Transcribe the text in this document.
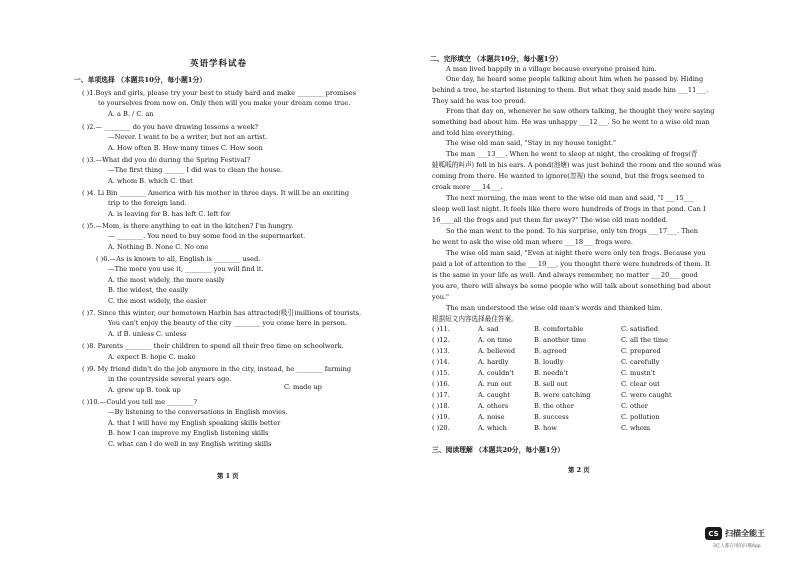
英语学科试卷
一、单项选择 （本题共10分，每小题1分）
( )1.Boys and girls, please try your best to study hard and make ________ promises
to yourselves from now on. Only then will you make your dream come true.
A. a B. / C. an
( )2.— ________ do you have drawing lessons a week?
—Never. I want to be a writer, but not an artist.
A. How often B. How many times C. How soon
( )3.—What did you do during the Spring Festival?
—The first thing ______ I did was to clean the house.
A. whom B. which C. that
( )4. Li Bin ________ America with his mother in three days. It will be an exciting
trip to the foreign land.
A. is leaving for B. has left C. left for
( )5.—Mom, is there anything to eat in the kitchen? I'm hungry.
— ________. You need to buy some food in the supermarket.
A. Nothing B. None C. No one
( )6.—As is known to all, English is ________ used.
—The more you use it, ________ you will find it.
A. the most widely, the more easily
B. the widest, the easily
C. the most widely, the easier
( )7. Since this winter, our hometown Harbin has attracted(吸引)millions of tourists.
You can't enjoy the beauty of the city ________ you come here in person.
A. if B. unless C. unless
( )8. Parents ________ their children to spend all their free time on schoolwork.
A. expect B. hope C. make
( )9. My friend didn't do the job anymore in the city, instead, he ________ farming
in the countryside several years ago.
A. grew up B. took up	C. made up
( )10.—Could you tell me ________?
—By listening to the conversations in English movies.
A. that I will have my English speaking skills better
B. how I can improve my English listening skills
C. what can I do well in my English writing skills
第 1 页
二、完形填空 （本题共10分，每小题1分）
A man lived happily in a village because everyone praised him.
One day, he heard some people talking about him when he passed by. Hiding
behind a tree, he started listening to them. But what they said made him ___11___.
They said he was too proud.
From that day on, whenever he saw others talking, he thought they were saying
something bad about him. He was unhappy ___12___. So he went to a wise old man
and told him everything.
The wise old man said, "Stay in my house tonight."
The man ___13___. When he went to sleep at night, the croaking of frogs(青
蛙呱呱的叫声) fell in his ears. A pond(池塘) was just behind the room and the sound was
coming from there. He wanted to ignore(忽视) the sound, but the frogs seemed to
croak more ___14___.
The next morning, the man went to the wise old man and said, "I ___15___
sleep well last night. It feels like there were hundreds of frogs in that pond. Can I
16____all the frogs and put them far away?" The wise old man nodded.
So the man went to the pond. To his surprise, only ten frogs ___17___. Then
he went to ask the wise old man where ___18___ frogs were.
The wise old man said, "Even at night there were only ten frogs. Because you
paid a lot of attention to the ___19___, you thought there were hundreds of them. It
is the same in your life as well. And always remember, no matter ___20___ good
you are, there will always be some people who will talk about something bad about
you."
The man understood the wise old man's words and thanked him.
根据短文内容选择最佳答案。
( )11.	A. sad	B. comfortable	C. satisfied
( )12.	A. on time	B. another time	C. all the time
( )13.	A. believed	B. agreed	C. prepared
( )14.	A. hardly	B. loudly	C. carefully
( )15.	A. couldn't	B. needn't	C. mustn't
( )16.	A. run out	B. sell out	C. clear out
( )17.	A. caught	B. were catching	C. were caught
( )18.	A. others	B. the other	C. other
( )19.	A. noise	B. success	C. pollution
( )20.	A. which	B. how	C. whom
三、阅读理解 （本题共20分，每小题1分）
第 2 页
CS 扫描全能王
3亿人都在用的扫描App
